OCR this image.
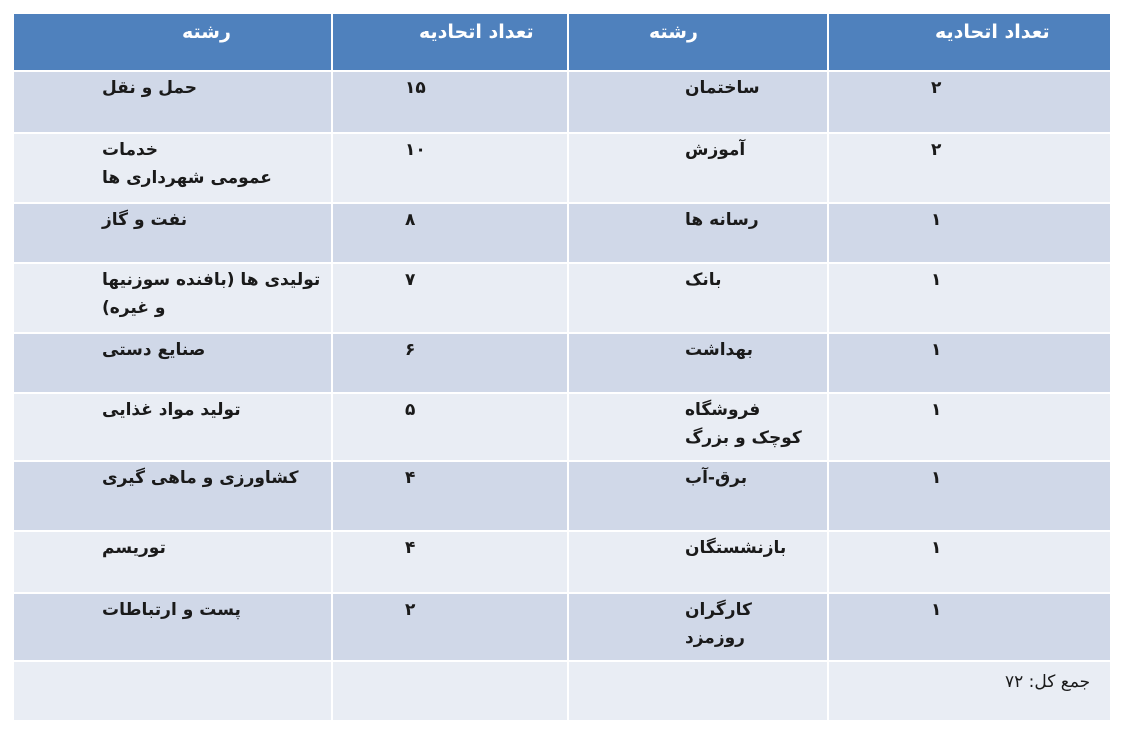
رشته	تعداد اتحادیه	رشته	تعداد اتحادیه

حمل و نقل	۱۵	ساختمان	۲

خدمات
عمومی شهرداری ها	۱۰	آموزش	۲

نفت و گاز	۸	رسانه ها	۱

تولیدی ها (بافنده سوزنیها
و غیره)	۷	بانک	۱

صنایع دستی	۶	بهداشت	۱

تولید مواد غذایی	۵	فروشگاه
کوچک و بزرگ	۱

کشاورزی و ماهی گیری	۴	برق-آب	۱

توریسم	۴	بازنشستگان	۱

پست و ارتباطات	۲	کارگران
روزمزد	۱

			جمع کل: ۷۲
